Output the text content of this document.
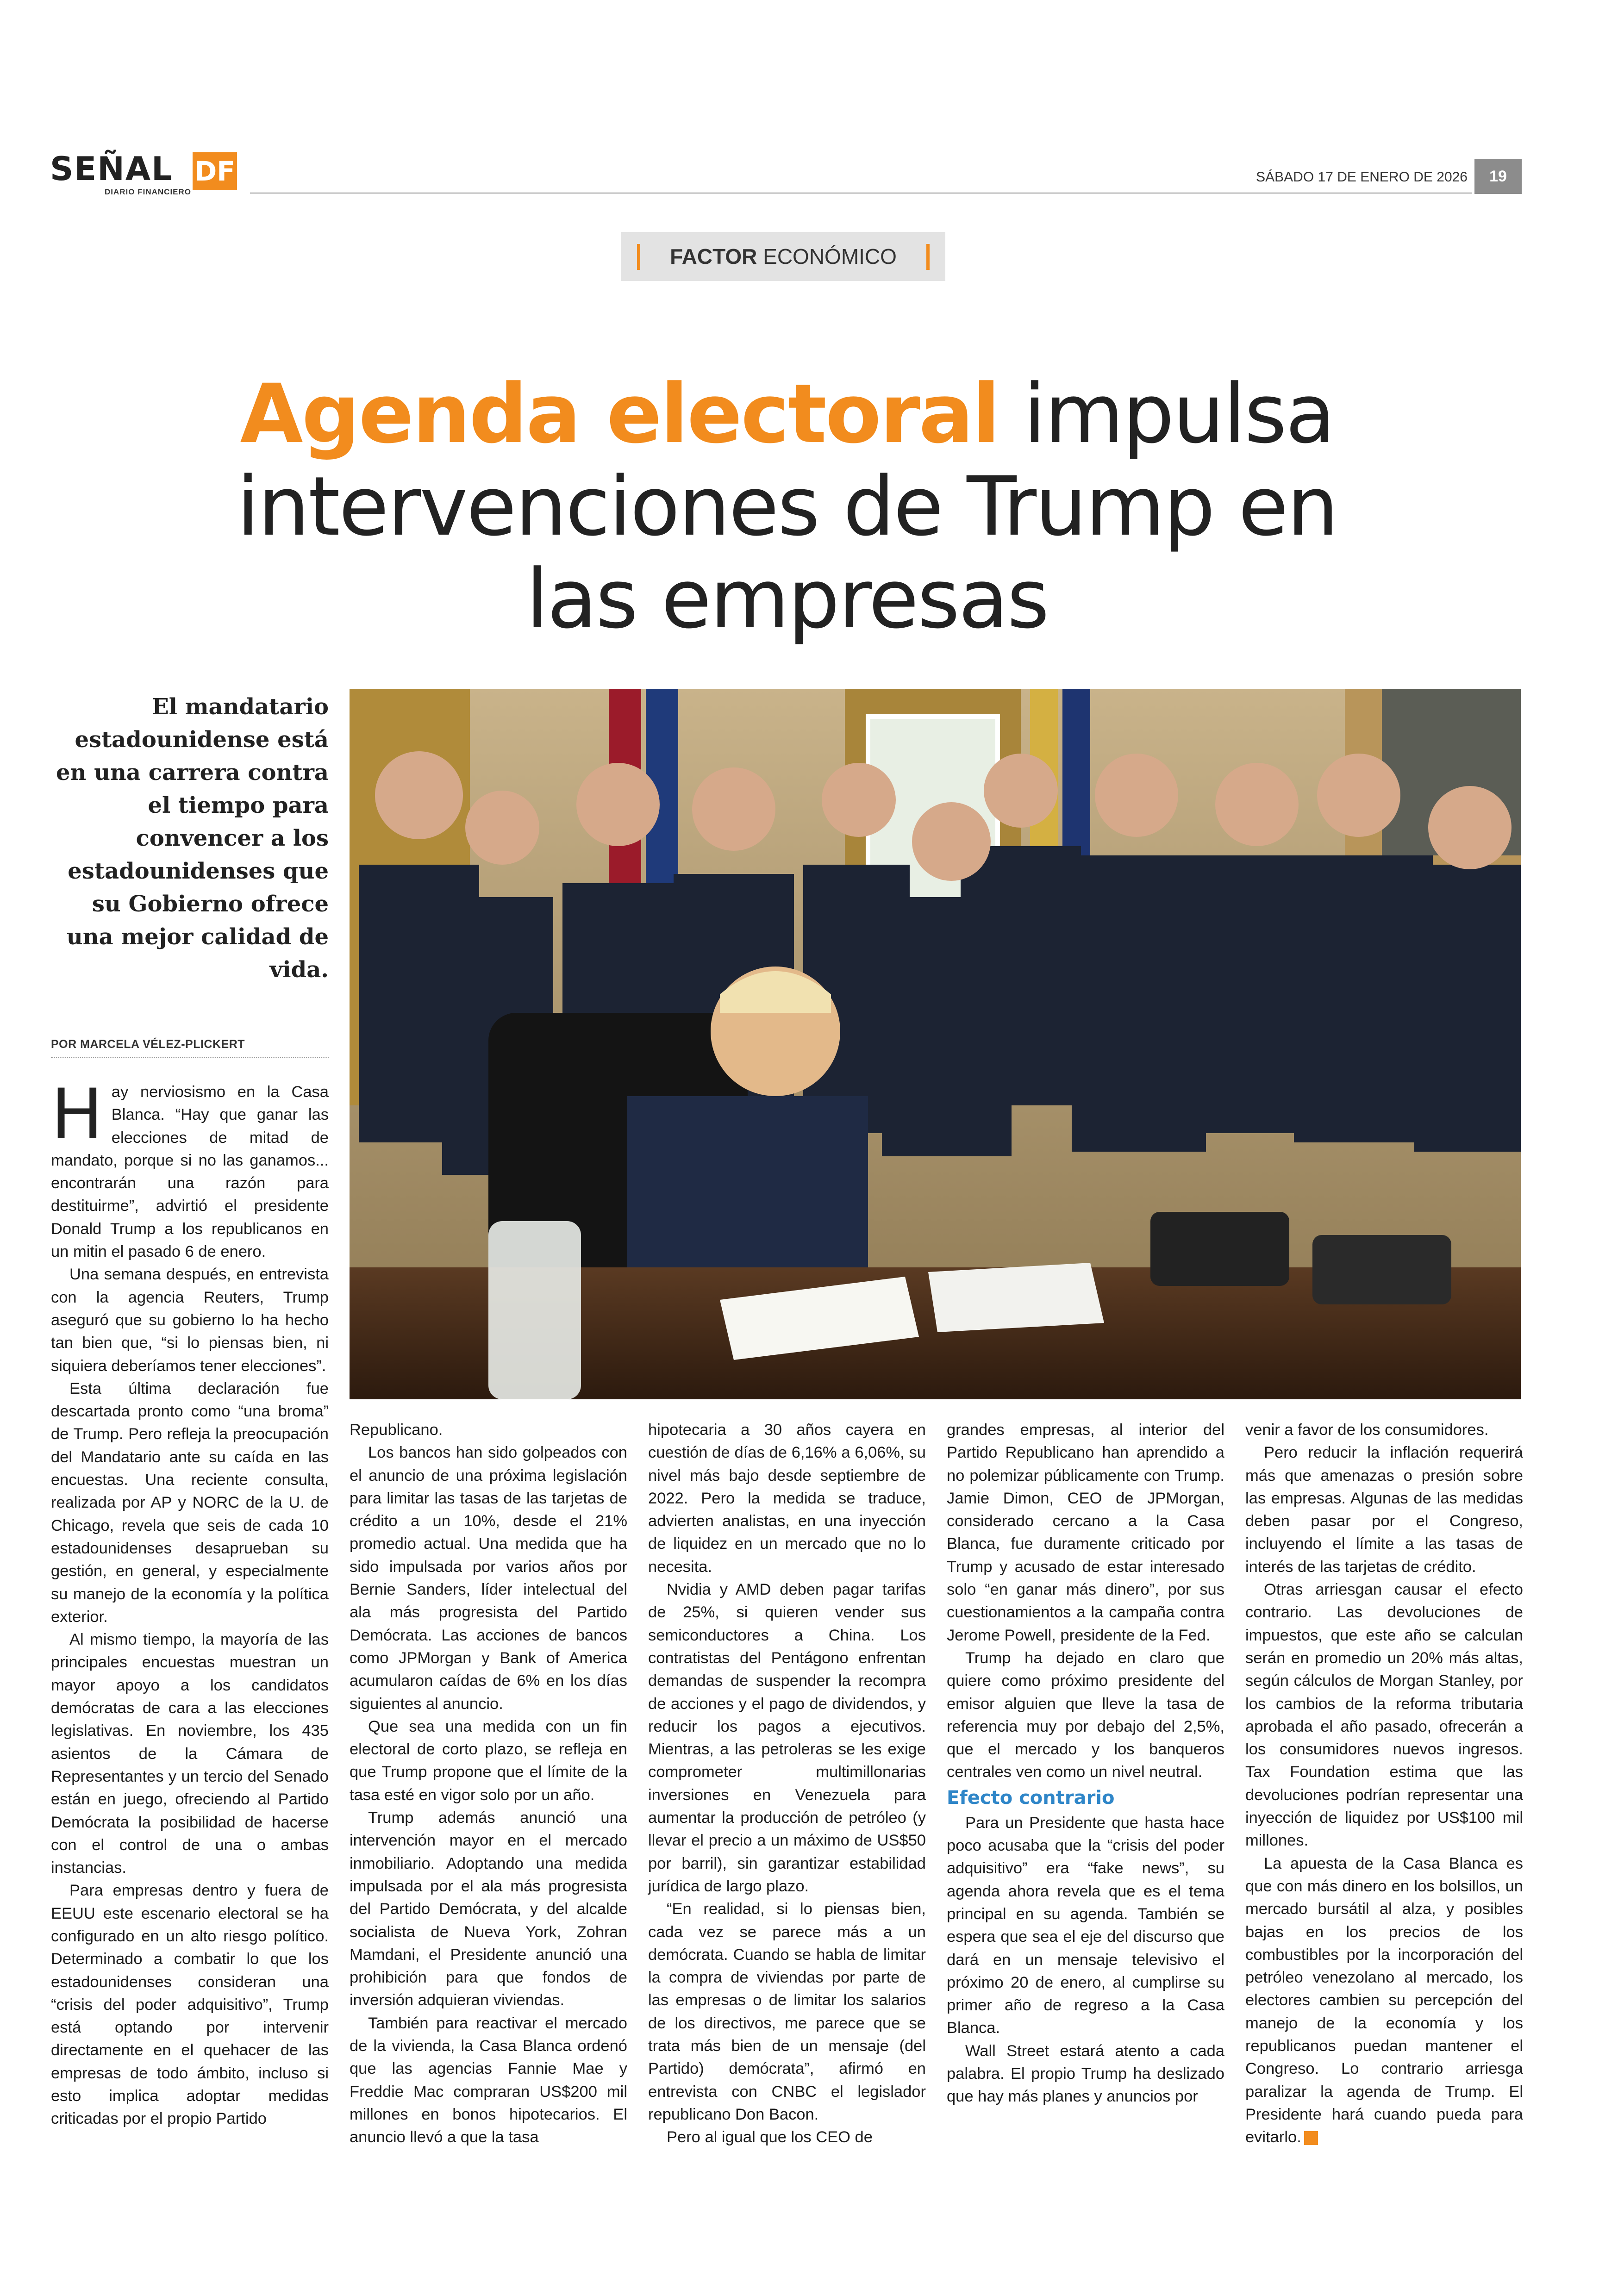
SEÑAL DF
DIARIO FINANCIERO
SÁBADO 17 DE ENERO DE 2026	19
FACTOR ECONÓMICO
Agenda electoral impulsa intervenciones de Trump en las empresas
El mandatario estadounidense está en una carrera contra el tiempo para convencer a los estadounidenses que su Gobierno ofrece una mejor calidad de vida.
POR MARCELA VÉLEZ-PLICKERT

Hay nerviosismo en la Casa Blanca. “Hay que ganar las elecciones de mitad de mandato, porque si no las ganamos... encontrarán una razón para destituirme”, advirtió el presidente Donald Trump a los republicanos en un mitin el pasado 6 de enero.

Una semana después, en entrevista con la agencia Reuters, Trump aseguró que su gobierno lo ha hecho tan bien que, “si lo piensas bien, ni siquiera deberíamos tener elecciones”.

Esta última declaración fue descartada pronto como “una broma” de Trump. Pero refleja la preocupación del Mandatario ante su caída en las encuestas. Una reciente consulta, realizada por AP y NORC de la U. de Chicago, revela que seis de cada 10 estadounidenses desaprueban su gestión, en general, y especialmente su manejo de la economía y la política exterior.

Al mismo tiempo, la mayoría de las principales encuestas muestran un mayor apoyo a los candidatos demócratas de cara a las elecciones legislativas. En noviembre, los 435 asientos de la Cámara de Representantes y un tercio del Senado están en juego, ofreciendo al Partido Demócrata la posibilidad de hacerse con el control de una o ambas instancias.

Para empresas dentro y fuera de EEUU este escenario electoral se ha configurado en un alto riesgo político. Determinado a combatir lo que los estadounidenses consideran una “crisis del poder adquisitivo”, Trump está optando por intervenir directamente en el quehacer de las empresas de todo ámbito, incluso si esto implica adoptar medidas criticadas por el propio Partido

Republicano.

Los bancos han sido golpeados con el anuncio de una próxima legislación para limitar las tasas de las tarjetas de crédito a un 10%, desde el 21% promedio actual. Una medida que ha sido impulsada por varios años por Bernie Sanders, líder intelectual del ala más progresista del Partido Demócrata. Las acciones de bancos como JPMorgan y Bank of America acumularon caídas de 6% en los días siguientes al anuncio.

Que sea una medida con un fin electoral de corto plazo, se refleja en que Trump propone que el límite de la tasa esté en vigor solo por un año.

Trump además anunció una intervención mayor en el mercado inmobiliario. Adoptando una medida impulsada por el ala más progresista del Partido Demócrata, y del alcalde socialista de Nueva York, Zohran Mamdani, el Presidente anunció una prohibición para que fondos de inversión adquieran viviendas.

También para reactivar el mercado de la vivienda, la Casa Blanca ordenó que las agencias Fannie Mae y Freddie Mac compraran US$200 mil millones en bonos hipotecarios. El anuncio llevó a que la tasa

hipotecaria a 30 años cayera en cuestión de días de 6,16% a 6,06%, su nivel más bajo desde septiembre de 2022. Pero la medida se traduce, advierten analistas, en una inyección de liquidez en un mercado que no lo necesita.

Nvidia y AMD deben pagar tarifas de 25%, si quieren vender sus semiconductores a China. Los contratistas del Pentágono enfrentan demandas de suspender la recompra de acciones y el pago de dividendos, y reducir los pagos a ejecutivos. Mientras, a las petroleras se les exige comprometer multimillonarias inversiones en Venezuela para aumentar la producción de petróleo (y llevar el precio a un máximo de US$50 por barril), sin garantizar estabilidad jurídica de largo plazo.

“En realidad, si lo piensas bien, cada vez se parece más a un demócrata. Cuando se habla de limitar la compra de viviendas por parte de las empresas o de limitar los salarios de los directivos, me parece que se trata más bien de un mensaje (del Partido) demócrata”, afirmó en entrevista con CNBC el legislador republicano Don Bacon.

Pero al igual que los CEO de

grandes empresas, al interior del Partido Republicano han aprendido a no polemizar públicamente con Trump. Jamie Dimon, CEO de JPMorgan, considerado cercano a la Casa Blanca, fue duramente criticado por Trump y acusado de estar interesado solo “en ganar más dinero”, por sus cuestionamientos a la campaña contra Jerome Powell, presidente de la Fed.

Trump ha dejado en claro que quiere como próximo presidente del emisor alguien que lleve la tasa de referencia muy por debajo del 2,5%, que el mercado y los banqueros centrales ven como un nivel neutral.

Efecto contrario

Para un Presidente que hasta hace poco acusaba que la “crisis del poder adquisitivo” era “fake news”, su agenda ahora revela que es el tema principal en su agenda. También se espera que sea el eje del discurso que dará en un mensaje televisivo el próximo 20 de enero, al cumplirse su primer año de regreso a la Casa Blanca.

Wall Street estará atento a cada palabra. El propio Trump ha deslizado que hay más planes y anuncios por

venir a favor de los consumidores.

Pero reducir la inflación requerirá más que amenazas o presión sobre las empresas. Algunas de las medidas deben pasar por el Congreso, incluyendo el límite a las tasas de interés de las tarjetas de crédito.

Otras arriesgan causar el efecto contrario. Las devoluciones de impuestos, que este año se calculan serán en promedio un 20% más altas, según cálculos de Morgan Stanley, por los cambios de la reforma tributaria aprobada el año pasado, ofrecerán a los consumidores nuevos ingresos. Tax Foundation estima que las devoluciones podrían representar una inyección de liquidez por US$100 mil millones.

La apuesta de la Casa Blanca es que con más dinero en los bolsillos, un mercado bursátil al alza, y posibles bajas en los precios de los combustibles por la incorporación del petróleo venezolano al mercado, los electores cambien su percepción del manejo de la economía y los republicanos puedan mantener el Congreso. Lo contrario arriesga paralizar la agenda de Trump. El Presidente hará cuando pueda para evitarlo. S
